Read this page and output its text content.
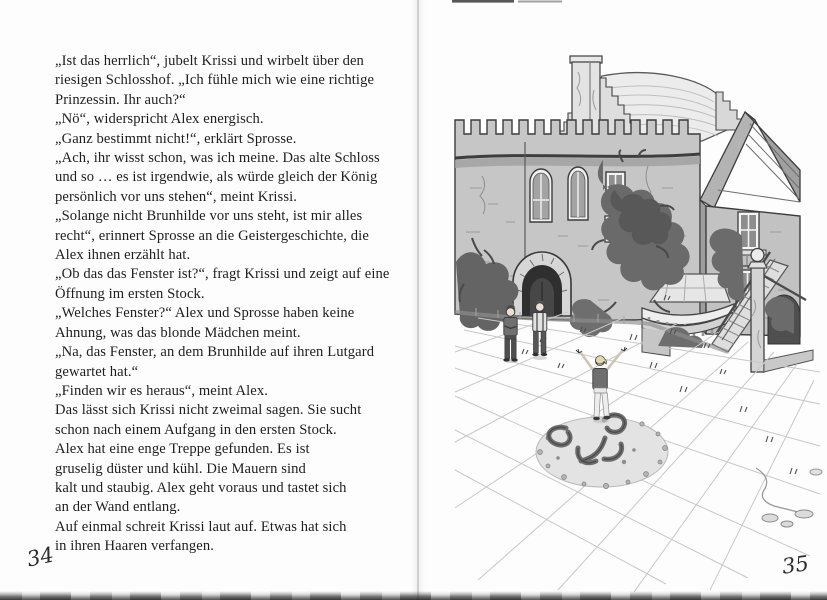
„Ist das herrlich“, jubelt Krissi und wirbelt über den
riesigen Schlosshof. „Ich fühle mich wie eine richtige
Prinzessin. Ihr auch?“
„Nö“, widerspricht Alex energisch.
„Ganz bestimmt nicht!“, erklärt Sprosse.
„Ach, ihr wisst schon, was ich meine. Das alte Schloss
und so … es ist irgendwie, als würde gleich der König
persönlich vor uns stehen“, meint Krissi.
„Solange nicht Brunhilde vor uns steht, ist mir alles
recht“, erinnert Sprosse an die Geistergeschichte, die
Alex ihnen erzählt hat.
„Ob das das Fenster ist?“, fragt Krissi und zeigt auf eine
Öffnung im ersten Stock.
„Welches Fenster?“ Alex und Sprosse haben keine
Ahnung, was das blonde Mädchen meint.
„Na, das Fenster, an dem Brunhilde auf ihren Lutgard
gewartet hat.“
„Finden wir es heraus“, meint Alex.
Das lässt sich Krissi nicht zweimal sagen. Sie sucht
schon nach einem Aufgang in den ersten Stock.
Alex hat eine enge Treppe gefunden. Es ist
gruselig düster und kühl. Die Mauern sind
kalt und staubig. Alex geht voraus und tastet sich
an der Wand entlang.
Auf einmal schreit Krissi laut auf. Etwas hat sich
in ihren Haaren verfangen.
34	35
